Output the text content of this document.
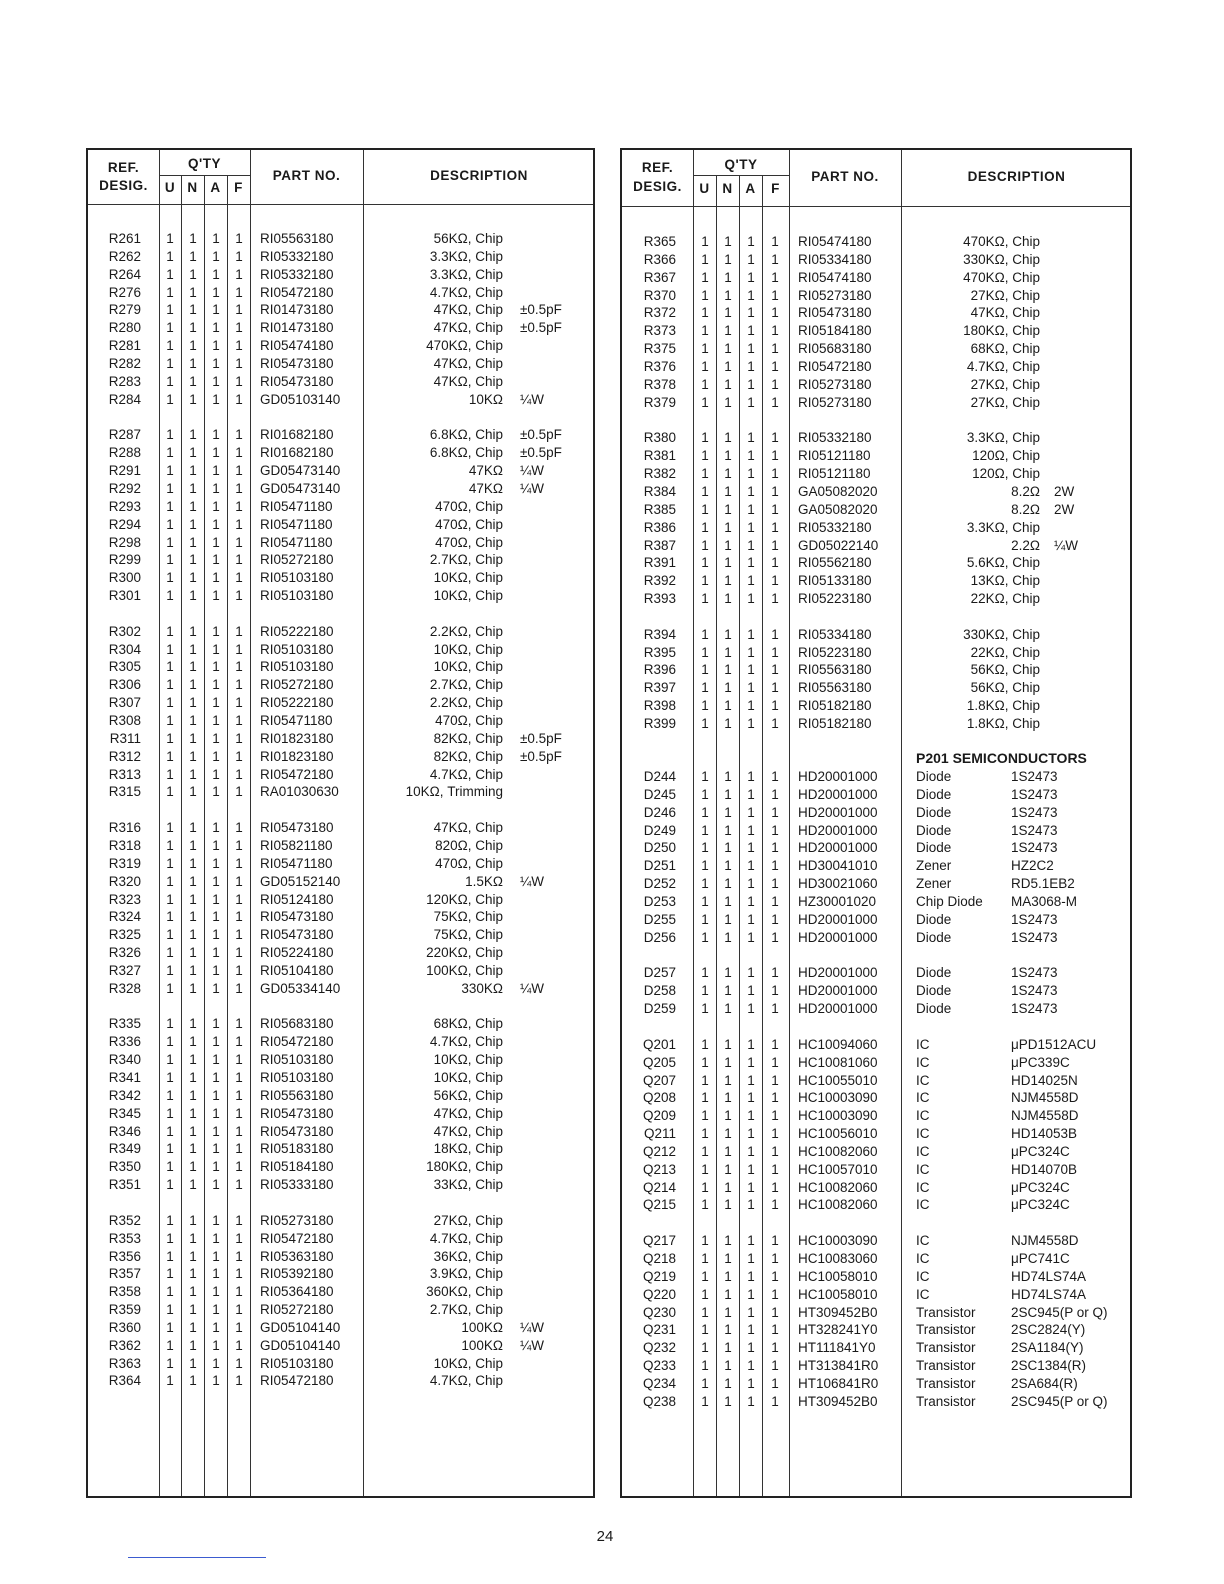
REF.
DESIG.
Q'TY
U N A	F
PART NO.	DESCRIPTION
R261	1	1	1	1	RI05563180	56KΩ, Chip
R262	1	1	1	1	RI05332180	3.3KΩ, Chip
R264	1	1	1	1	RI05332180	3.3KΩ, Chip
R276	1	1	1	1	RI05472180	4.7KΩ, Chip
R279	1	1	1	1	RI01473180	47KΩ, Chip ±0.5pF
R280	1	1	1	1	RI01473180	47KΩ, Chip ±0.5pF
R281	1	1	1	1	RI05474180	470KΩ, Chip
R282	1	1	1	1	RI05473180	47KΩ, Chip
R283	1	1	1	1	RI05473180	47KΩ, Chip
R284	1	1	1	1	GD05103140	10KΩ ¼W
R287	1	1	1	1	RI01682180	6.8KΩ, Chip ±0.5pF
R288	1	1	1	1	RI01682180	6.8KΩ, Chip ±0.5pF
R291	1	1	1	1	GD05473140	47KΩ ¼W
R292	1	1	1	1	GD05473140	47KΩ ¼W
R293	1	1	1	1	RI05471180	470Ω, Chip
R294	1	1	1	1	RI05471180	470Ω, Chip
R298	1	1	1	1	RI05471180	470Ω, Chip
R299	1	1	1	1	RI05272180	2.7KΩ, Chip
R300	1	1	1	1	RI05103180	10KΩ, Chip
R301	1	1	1	1	RI05103180	10KΩ, Chip
R302	1	1	1	1	RI05222180	2.2KΩ, Chip
R304	1	1	1	1	RI05103180	10KΩ, Chip
R305	1	1	1	1	RI05103180	10KΩ, Chip
R306	1	1	1	1	RI05272180	2.7KΩ, Chip
R307	1	1	1	1	RI05222180	2.2KΩ, Chip
R308	1	1	1	1	RI05471180	470Ω, Chip
R311	1	1	1	1	RI01823180	82KΩ, Chip ±0.5pF
R312	1	1	1	1	RI01823180	82KΩ, Chip ±0.5pF
R313	1	1	1	1	RI05472180	4.7KΩ, Chip
R315	1	1	1	1	RA01030630	10KΩ, Trimming
R316	1	1	1	1	RI05473180	47KΩ, Chip
R318	1	1	1	1	RI05821180	820Ω, Chip
R319	1	1	1	1	RI05471180	470Ω, Chip
R320	1	1	1	1	GD05152140	1.5KΩ ¼W
R323	1	1	1	1	RI05124180	120KΩ, Chip
R324	1	1	1	1	RI05473180	75KΩ, Chip
R325	1	1	1	1	RI05473180	75KΩ, Chip
R326	1	1	1	1	RI05224180	220KΩ, Chip
R327	1	1	1	1	RI05104180	100KΩ, Chip
R328	1	1	1	1	GD05334140	330KΩ ¼W
R335	1	1	1	1	RI05683180	68KΩ, Chip
R336	1	1	1	1	RI05472180	4.7KΩ, Chip
R340	1	1	1	1	RI05103180	10KΩ, Chip
R341	1	1	1	1	RI05103180	10KΩ, Chip
R342	1	1	1	1	RI05563180	56KΩ, Chip
R345	1	1	1	1	RI05473180	47KΩ, Chip
R346	1	1	1	1	RI05473180	47KΩ, Chip
R349	1	1	1	1	RI05183180	18KΩ, Chip
R350	1	1	1	1	RI05184180	180KΩ, Chip
R351	1	1	1	1	RI05333180	33KΩ, Chip
R352	1	1	1	1	RI05273180	27KΩ, Chip
R353	1	1	1	1	RI05472180	4.7KΩ, Chip
R356	1	1	1	1	RI05363180	36KΩ, Chip
R357	1	1	1	1	RI05392180	3.9KΩ, Chip
R358	1	1	1	1	RI05364180	360KΩ, Chip
R359	1	1	1	1	RI05272180	2.7KΩ, Chip
R360	1	1	1	1	GD05104140	100KΩ ¼W
R362	1	1	1	1	GD05104140	100KΩ ¼W
R363	1	1	1	1	RI05103180	10KΩ, Chip
R364	1	1	1	1	RI05472180	4.7KΩ, Chip
REF.
DESIG.
Q'TY
U N A	F
PART NO.	DESCRIPTION
P201 SEMICONDUCTORS
R365	1	1	1	1	RI05474180	470KΩ, Chip
R366	1	1	1	1	RI05334180	330KΩ, Chip
R367	1	1	1	1	RI05474180	470KΩ, Chip
R370	1	1	1	1	RI05273180	27KΩ, Chip
R372	1	1	1	1	RI05473180	47KΩ, Chip
R373	1	1	1	1	RI05184180	180KΩ, Chip
R375	1	1	1	1	RI05683180	68KΩ, Chip
R376	1	1	1	1	RI05472180	4.7KΩ, Chip
R378	1	1	1	1	RI05273180	27KΩ, Chip
R379	1	1	1	1	RI05273180	27KΩ, Chip
R380	1	1	1	1	RI05332180	3.3KΩ, Chip
R381	1	1	1	1	RI05121180	120Ω, Chip
R382	1	1	1	1	RI05121180	120Ω, Chip
R384	1	1	1	1	GA05082020	8.2Ω 2W
R385	1	1	1	1	GA05082020	8.2Ω 2W
R386	1	1	1	1	RI05332180	3.3KΩ, Chip
R387	1	1	1	1	GD05022140	2.2Ω ¼W
R391	1	1	1	1	RI05562180	5.6KΩ, Chip
R392	1	1	1	1	RI05133180	13KΩ, Chip
R393	1	1	1	1	RI05223180	22KΩ, Chip
R394	1	1	1	1	RI05334180	330KΩ, Chip
R395	1	1	1	1	RI05223180	22KΩ, Chip
R396	1	1	1	1	RI05563180	56KΩ, Chip
R397	1	1	1	1	RI05563180	56KΩ, Chip
R398	1	1	1	1	RI05182180	1.8KΩ, Chip
R399	1	1	1	1	RI05182180	1.8KΩ, Chip
D244	1	1	1	1	HD20001000	Diode	1S2473
D245	1	1	1	1	HD20001000	Diode	1S2473
D246	1	1	1	1	HD20001000	Diode	1S2473
D249	1	1	1	1	HD20001000	Diode	1S2473
D250	1	1	1	1	HD20001000	Diode	1S2473
D251	1	1	1	1	HD30041010	Zener	HZ2C2
D252	1	1	1	1	HD30021060	Zener	RD5.1EB2
D253	1	1	1	1	HZ30001020	Chip Diode MA3068-M
D255	1	1	1	1	HD20001000	Diode	1S2473
D256	1	1	1	1	HD20001000	Diode	1S2473
D257	1	1	1	1	HD20001000	Diode	1S2473
D258	1	1	1	1	HD20001000	Diode	1S2473
D259	1	1	1	1	HD20001000	Diode	1S2473
Q201	1	1	1	1	HC10094060	IC	μPD1512ACU
Q205	1	1	1	1	HC10081060	IC	μPC339C
Q207	1	1	1	1	HC10055010	IC	HD14025N
Q208	1	1	1	1	HC10003090	IC	NJM4558D
Q209	1	1	1	1	HC10003090	IC	NJM4558D
Q211	1	1	1	1	HC10056010	IC	HD14053B
Q212	1	1	1	1	HC10082060	IC	μPC324C
Q213	1	1	1	1	HC10057010	IC	HD14070B
Q214	1	1	1	1	HC10082060	IC	μPC324C
Q215	1	1	1	1	HC10082060	IC	μPC324C
Q217	1	1	1	1	HC10003090	IC	NJM4558D
Q218	1	1	1	1	HC10083060	IC	μPC741C
Q219	1	1	1	1	HC10058010	IC	HD74LS74A
Q220	1	1	1	1	HC10058010	IC	HD74LS74A
Q230	1	1	1	1	HT309452B0	Transistor	2SC945(P or Q)
Q231	1	1	1	1	HT328241Y0	Transistor	2SC2824(Y)
Q232	1	1	1	1	HT111841Y0	Transistor	2SA1184(Y)
Q233	1	1	1	1	HT313841R0	Transistor	2SC1384(R)
Q234	1	1	1	1	HT106841R0	Transistor	2SA684(R)
Q238	1	1	1	1	HT309452B0	Transistor	2SC945(P or Q)
24
